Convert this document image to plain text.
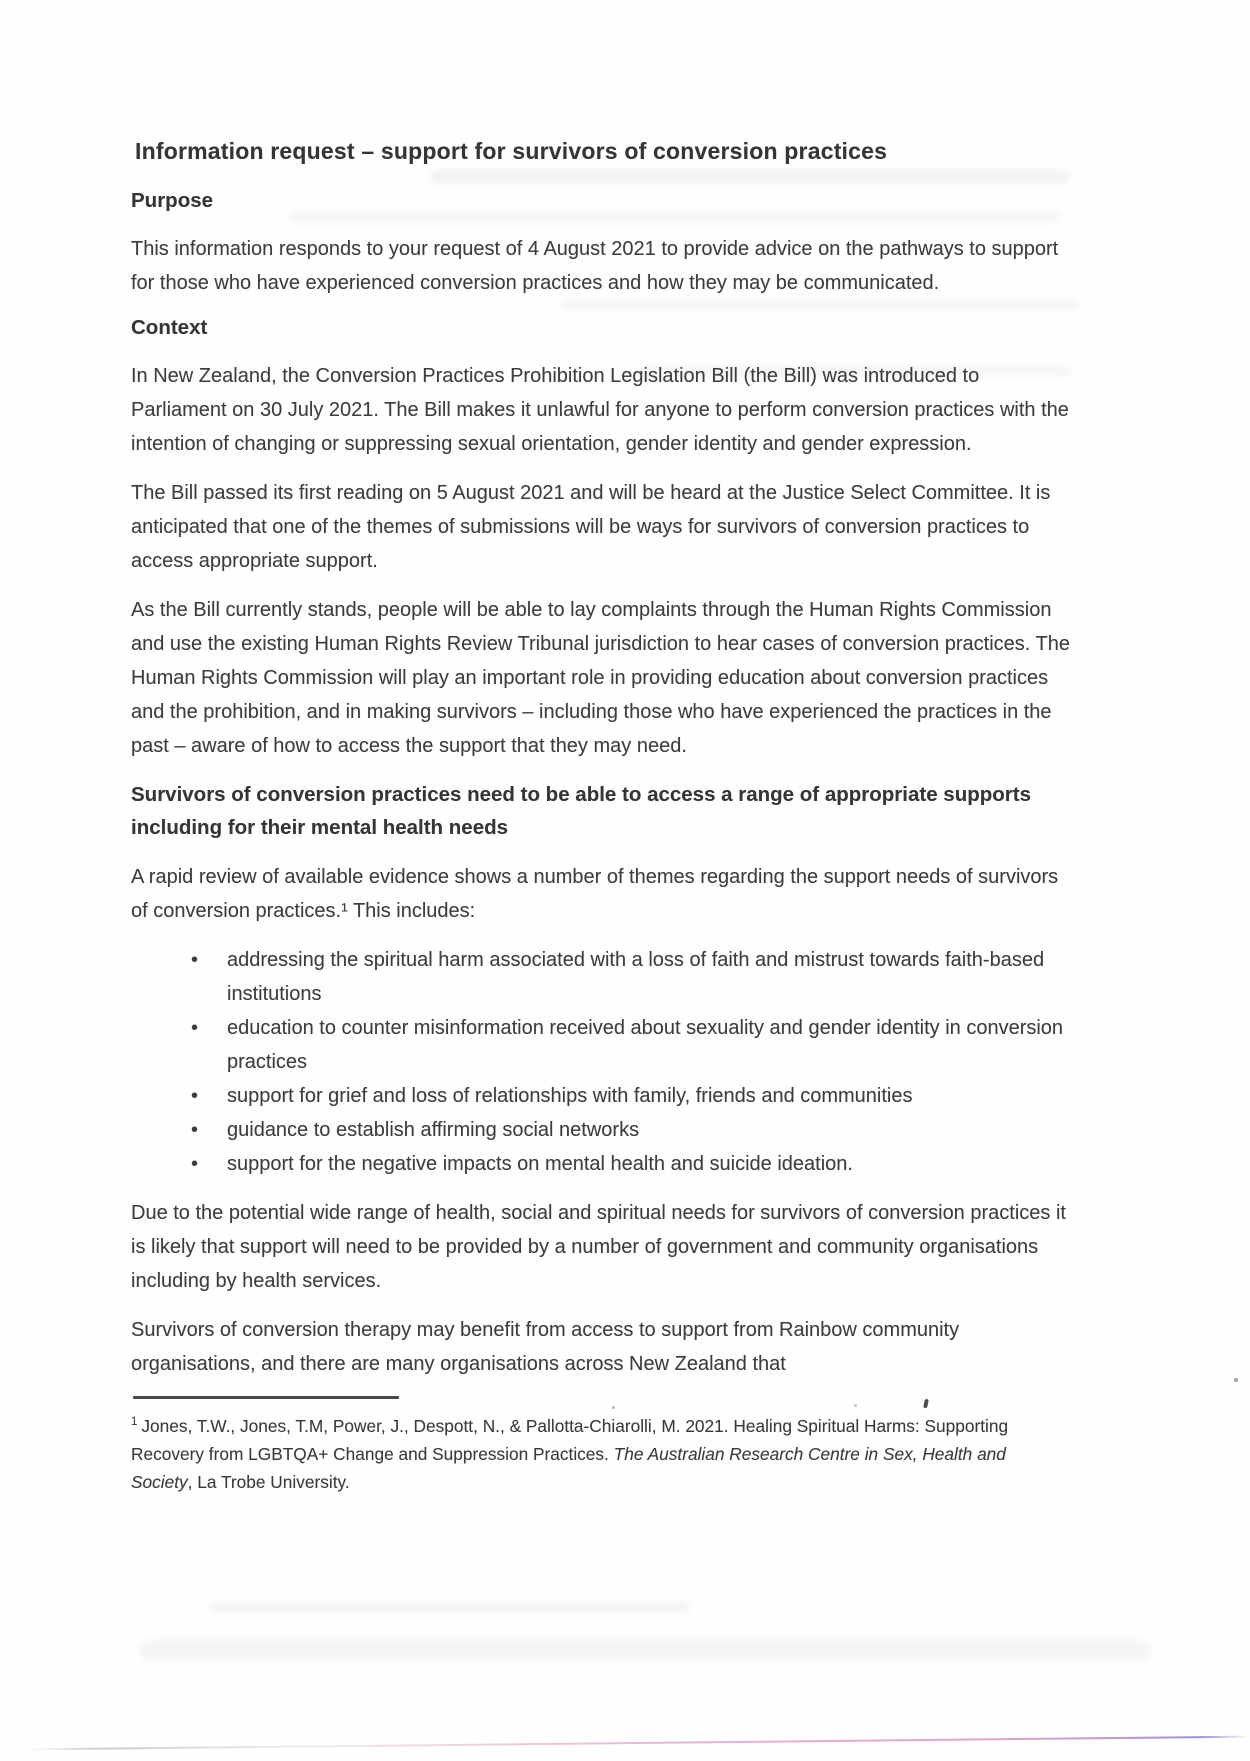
Information request – support for survivors of conversion practices
Purpose

This information responds to your request of 4 August 2021 to provide advice on the pathways to support for those who have experienced conversion practices and how they may be communicated.

Context

In New Zealand, the Conversion Practices Prohibition Legislation Bill (the Bill) was introduced to Parliament on 30 July 2021. The Bill makes it unlawful for anyone to perform conversion practices with the intention of changing or suppressing sexual orientation, gender identity and gender expression.

The Bill passed its first reading on 5 August 2021 and will be heard at the Justice Select Committee. It is anticipated that one of the themes of submissions will be ways for survivors of conversion practices to access appropriate support.

As the Bill currently stands, people will be able to lay complaints through the Human Rights Commission and use the existing Human Rights Review Tribunal jurisdiction to hear cases of conversion practices. The Human Rights Commission will play an important role in providing education about conversion practices and the prohibition, and in making survivors – including those who have experienced the practices in the past – aware of how to access the support that they may need.

Survivors of conversion practices need to be able to access a range of appropriate supports including for their mental health needs

A rapid review of available evidence shows a number of themes regarding the support needs of survivors of conversion practices.¹ This includes:

• addressing the spiritual harm associated with a loss of faith and mistrust towards faith-based institutions
• education to counter misinformation received about sexuality and gender identity in conversion practices
• support for grief and loss of relationships with family, friends and communities
• guidance to establish affirming social networks
• support for the negative impacts on mental health and suicide ideation.

Due to the potential wide range of health, social and spiritual needs for survivors of conversion practices it is likely that support will need to be provided by a number of government and community organisations including by health services.

Survivors of conversion therapy may benefit from access to support from Rainbow community organisations, and there are many organisations across New Zealand that

$^1$ Jones, T.W., Jones, T.M, Power, J., Despott, N., & Pallotta-Chiarolli, M. 2021. Healing Spiritual Harms: Supporting Recovery from LGBTQA+ Change and Suppression Practices. The Australian Research Centre in Sex, Health and Society, La Trobe University.
